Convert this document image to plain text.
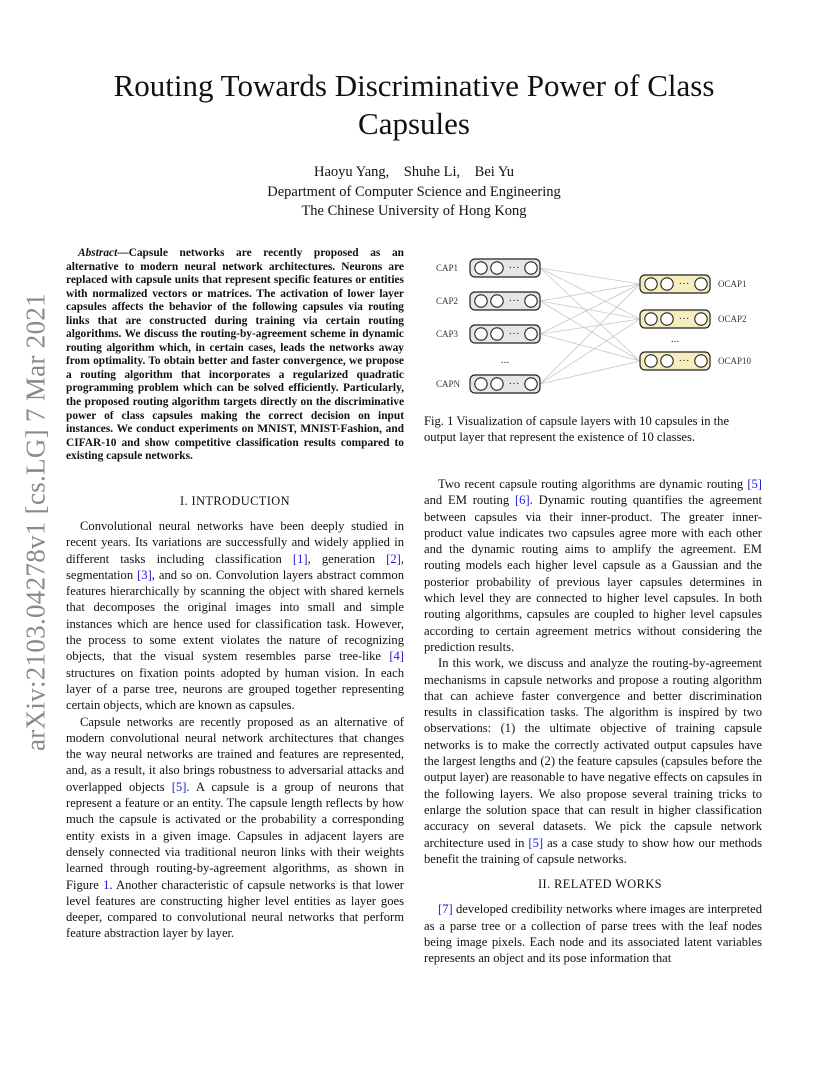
arXiv:2103.04278v1 [cs.LG] 7 Mar 2021
Routing Towards Discriminative Power of Class Capsules
Haoyu Yang,    Shuhe Li,    Bei Yu
Department of Computer Science and Engineering
The Chinese University of Hong Kong
Abstract—Capsule networks are recently proposed as an alternative to modern neural network architectures. Neurons are replaced with capsule units that represent specific features or entities with normalized vectors or matrices. The activation of lower layer capsules affects the behavior of the following capsules via routing links that are constructed during training via certain routing algorithms. We discuss the routing-by-agreement scheme in dynamic routing algorithm which, in certain cases, leads the networks away from optimality. To obtain better and faster convergence, we propose a routing algorithm that incorporates a regularized quadratic programming problem which can be solved efficiently. Particularly, the proposed routing algorithm targets directly on the discriminative power of class capsules making the correct decision on input instances. We conduct experiments on MNIST, MNIST-Fashion, and CIFAR-10 and show competitive classification results compared to existing capsule networks.

I. INTRODUCTION

Convolutional neural networks have been deeply studied in recent years. Its variations are successfully and widely applied in different tasks including classification [1], generation [2], segmentation [3], and so on. Convolution layers abstract common features hierarchically by scanning the object with shared kernels that decomposes the original images into small and simple instances which are hence used for classification task. However, the process to some extent violates the nature of recognizing objects, that the visual system resembles parse tree-like [4] structures on fixation points adopted by human vision. In each layer of a parse tree, neurons are grouped together representing certain objects, which are known as capsules.

Capsule networks are recently proposed as an alternative of modern convolutional neural network architectures that changes the way neural networks are trained and features are represented, and, as a result, it also brings robustness to adversarial attacks and overlapped objects [5]. A capsule is a group of neurons that represent a feature or an entity. The capsule length reflects by how much the capsule is activated or the probability a corresponding entity exists in a given image. Capsules in adjacent layers are densely connected via traditional neuron links with their weights learned through routing-by-agreement algorithms, as shown in Figure 1. Another characteristic of capsule networks is that lower level features are constructing higher level entities as layer goes deeper, compared to convolutional neural networks that perform feature abstraction layer by layer.

···
CAP1
···
CAP2
···
CAP3
···
CAPN
···	OCAP1
···	OCAP2
···	OCAP10
...
...
Fig. 1 Visualization of capsule layers with 10 capsules in the output layer that represent the existence of 10 classes.

Two recent capsule routing algorithms are dynamic routing [5] and EM routing [6]. Dynamic routing quantifies the agreement between capsules via their inner-product. The greater inner-product value indicates two capsules agree more with each other and the dynamic routing aims to amplify the agreement. EM routing models each higher level capsule as a Gaussian and the posterior probability of previous layer capsules determines in which level they are connected to higher level capsules. In both routing algorithms, capsules are coupled to higher level capsules according to certain agreement metrics without considering the prediction results.

In this work, we discuss and analyze the routing-by-agreement mechanisms in capsule networks and propose a routing algorithm that can achieve faster convergence and better discrimination results in classification tasks. The algorithm is inspired by two observations: (1) the ultimate objective of training capsule networks is to make the correctly activated output capsules have the largest lengths and (2) the feature capsules (capsules before the output layer) are reasonable to have negative effects on capsules in the following layers. We also propose several training tricks to enlarge the solution space that can result in higher classification accuracy on several datasets. We pick the capsule network architecture used in [5] as a case study to show how our methods benefit the training of capsule networks.

II. RELATED WORKS

[7] developed credibility networks where images are interpreted as a parse tree or a collection of parse trees with the leaf nodes being image pixels. Each node and its associated latent variables represents an object and its pose information that
